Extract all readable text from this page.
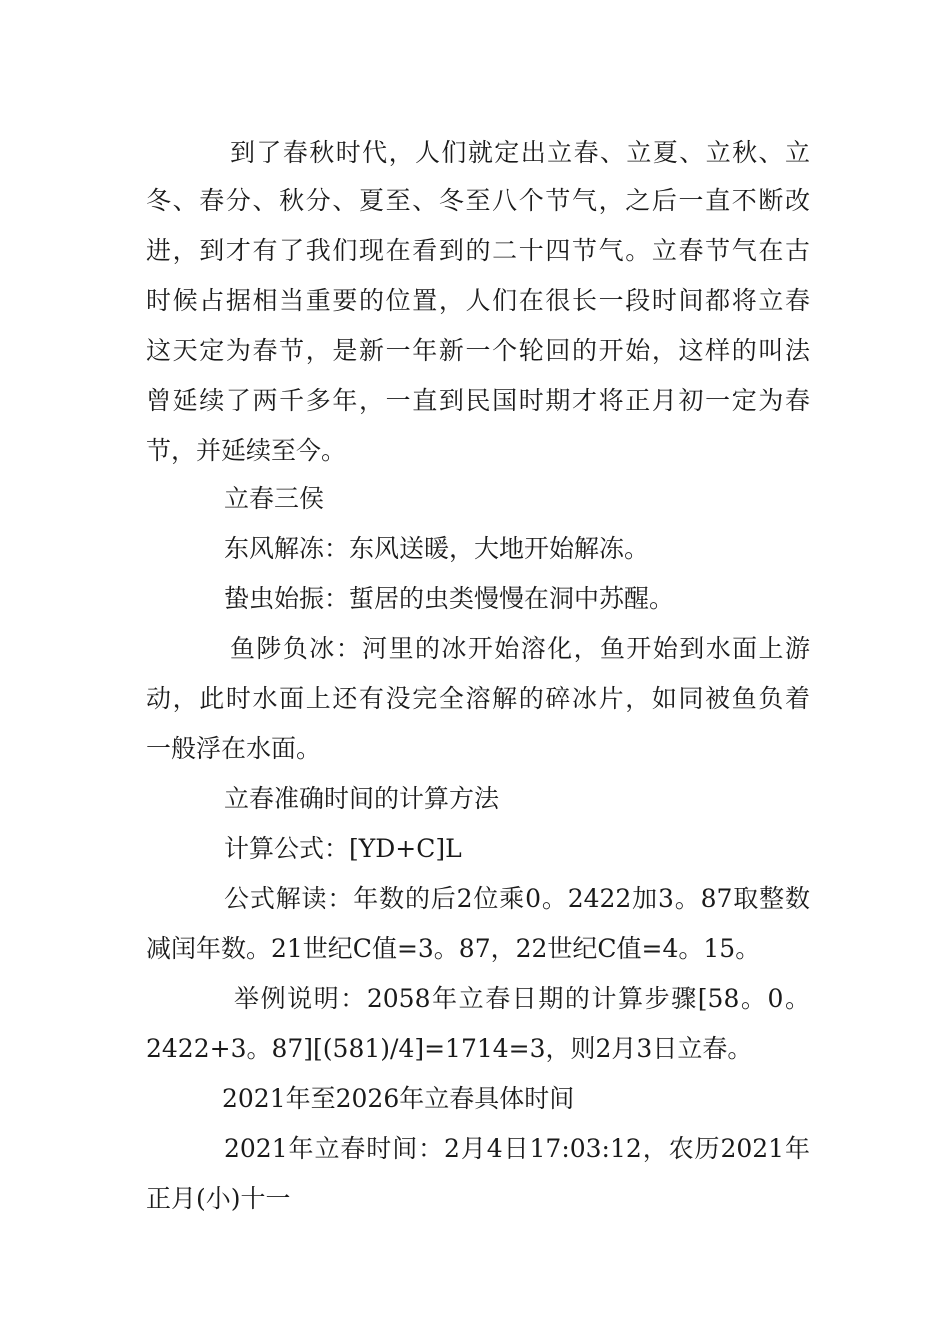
到了春秋时代，人们就定出立春、立夏、立秋、立
冬、春分、秋分、夏至、冬至八个节气，之后一直不断改
进，到才有了我们现在看到的二十四节气。立春节气在古
时候占据相当重要的位置，人们在很长一段时间都将立春
这天定为春节，是新一年新一个轮回的开始，这样的叫法
曾延续了两千多年，一直到民国时期才将正月初一定为春
节，并延续至今。
立春三侯
东风解冻：东风送暖，大地开始解冻。
蛰虫始振：蜇居的虫类慢慢在洞中苏醒。
鱼陟负冰：河里的冰开始溶化，鱼开始到水面上游
动，此时水面上还有没完全溶解的碎冰片，如同被鱼负着
一般浮在水面。
立春准确时间的计算方法
计算公式：[YD+C]L
公式解读：年数的后2位乘0。2422加3。87取整数
减闰年数。21世纪C值=3。87，22世纪C值=4。15。
举例说明：2058年立春日期的计算步骤[58。0。
2422+3。87][(581)/4]=1714=3，则2月3日立春。
2021年至2026年立春具体时间
2021年立春时间：2月4日17:03:12，农历2021年
正月(小)十一
